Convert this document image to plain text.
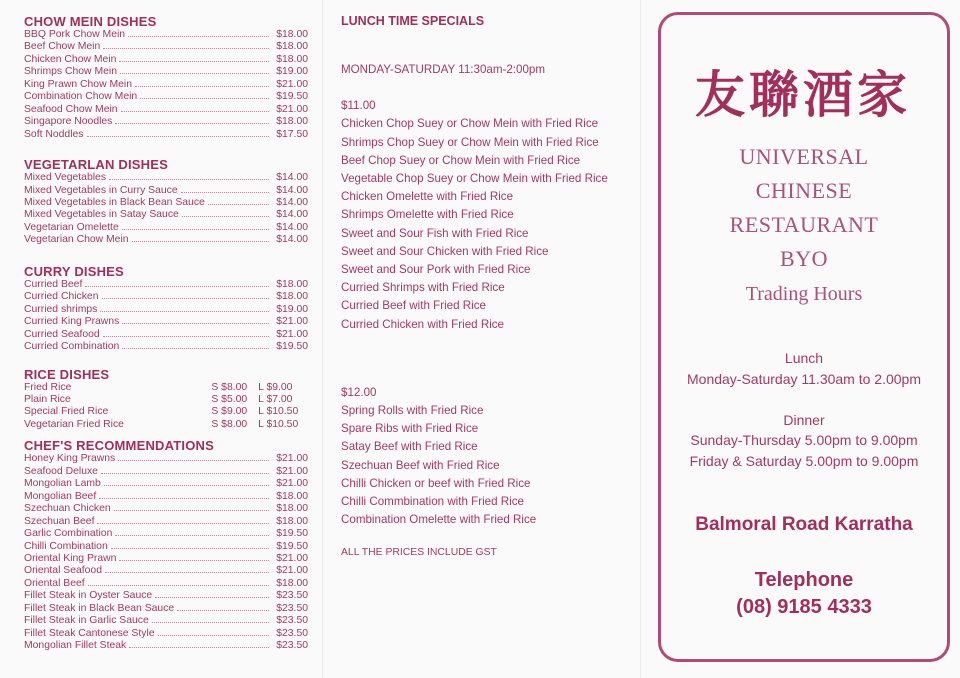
CHOW MEIN DISHES
BBQ Pork Chow Mein	$18.00
Beef Chow Mein	$18.00
Chicken Chow Mein	$18.00
Shrimps Chow Mein	$19.00
King Prawn Chow Mein	$21.00
Combination Chow Mein	$19.50
Seafood Chow Mein	$21.00
Singapore Noodles	$18.00
Soft Noddles	$17.50
VEGETARLAN DISHES
Mixed Vegetables	$14.00
Mixed Vegetables in Curry Sauce	$14.00
Mixed Vegetables in Black Bean Sauce	$14.00
Mixed Vegetables in Satay Sauce	$14.00
Vegetarian Omelette	$14.00
Vegetarian Chow Mein	$14.00
CURRY DISHES
Curried Beef	$18.00
Curried Chicken	$18.00
Curried shrimps	$19.00
Curried King Prawns	$21.00
Curried Seafood	$21.00
Curried Combination	$19.50
RICE DISHES
Fried Rice	S $8.00	L $9.00
Plain Rice	S $5.00	L $7.00
Special Fried Rice	S $9.00	L $10.50
Vegetarian Fried Rice	S $8.00	L $10.50
CHEF'S RECOMMENDATIONS
Honey King Prawns	$21.00
Seafood Deluxe	$21.00
Mongolian Lamb	$21.00
Mongolian Beef	$18.00
Szechuan Chicken	$18.00
Szechuan Beef	$18.00
Garlic Combination	$19.50
Chilli Combination	$19.50
Oriental King Prawn	$21.00
Oriental Seafood	$21.00
Oriental Beef	$18.00
Fillet Steak in Oyster Sauce	$23.50
Fillet Steak in Black Bean Sauce	$23.50
Fillet Steak in Garlic Sauce	$23.50
Fillet Steak Cantonese Style	$23.50
Mongolian Fillet Steak	$23.50
LUNCH TIME SPECIALS
MONDAY-SATURDAY 11:30am-2:00pm
$11.00
Chicken Chop Suey or Chow Mein with Fried Rice
Shrimps Chop Suey or Chow Mein with Fried Rice
Beef Chop Suey or Chow Mein with Fried Rice
Vegetable Chop Suey or Chow Mein with Fried Rice
Chicken Omelette with Fried Rice
Shrimps Omelette with Fried Rice
Sweet and Sour Fish with Fried Rice
Sweet and Sour Chicken with Fried Rice
Sweet and Sour Pork with Fried Rice
Curried Shrimps with Fried Rice
Curried Beef with Fried Rice
Curried Chicken with Fried Rice
$12.00
Spring Rolls with Fried Rice
Spare Ribs with Fried Rice
Satay Beef with Fried Rice
Szechuan Beef with Fried Rice
Chilli Chicken or beef with Fried Rice
Chilli Commbination with Fried Rice
Combination Omelette with Fried Rice
ALL THE PRICES INCLUDE GST
友聯酒家
UNIVERSAL
CHINESE
RESTAURANT
BYO
Trading Hours
Lunch
Monday-Saturday 11.30am to 2.00pm
Dinner
Sunday-Thursday 5.00pm to 9.00pm
Friday & Saturday 5.00pm to 9.00pm
Balmoral Road Karratha
Telephone
(08) 9185 4333
